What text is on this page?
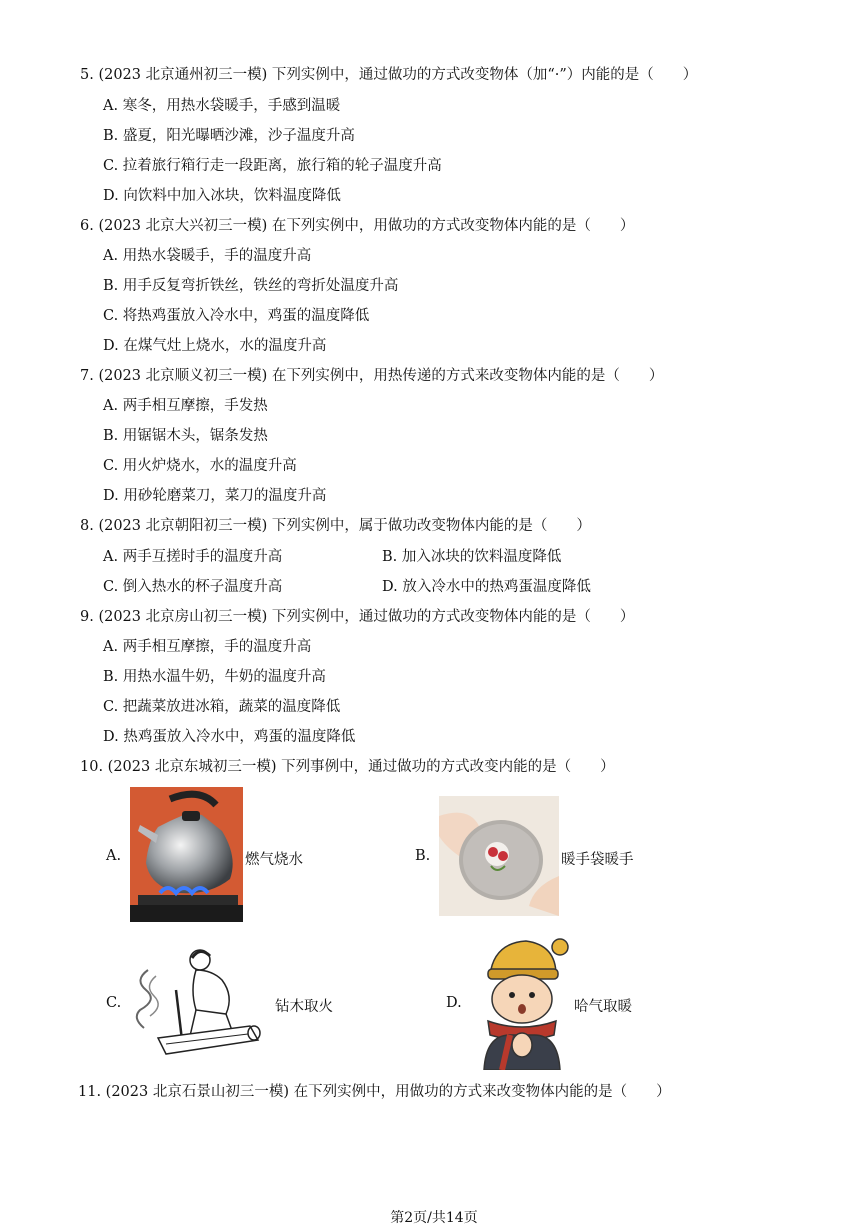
5. (2023 北京通州初三一模) 下列实例中，通过做功的方式改变物体（加“·”）内能的是（　　）
A. 寒冬，用热水袋暖手，手感到温暖
B. 盛夏，阳光曝晒沙滩，沙子温度升高
C. 拉着旅行箱行走一段距离，旅行箱的轮子温度升高
D. 向饮料中加入冰块，饮料温度降低
6. (2023 北京大兴初三一模) 在下列实例中，用做功的方式改变物体内能的是（　　）
A. 用热水袋暖手，手的温度升高
B. 用手反复弯折铁丝，铁丝的弯折处温度升高
C. 将热鸡蛋放入冷水中，鸡蛋的温度降低
D. 在煤气灶上烧水，水的温度升高
7. (2023 北京顺义初三一模) 在下列实例中，用热传递的方式来改变物体内能的是（　　）
A. 两手相互摩擦，手发热
B. 用锯锯木头，锯条发热
C. 用火炉烧水，水的温度升高
D. 用砂轮磨菜刀，菜刀的温度升高
8. (2023 北京朝阳初三一模) 下列实例中，属于做功改变物体内能的是（　　）
A. 两手互搓时手的温度升高	B. 加入冰块的饮料温度降低
C. 倒入热水的杯子温度升高	D. 放入冷水中的热鸡蛋温度降低
9. (2023 北京房山初三一模) 下列实例中，通过做功的方式改变物体内能的是（　　）
A. 两手相互摩擦，手的温度升高
B. 用热水温牛奶，牛奶的温度升高
C. 把蔬菜放进冰箱，蔬菜的温度降低
D. 热鸡蛋放入冷水中，鸡蛋的温度降低
10. (2023 北京东城初三一模) 下列事例中，通过做功的方式改变内能的是（　　）
A.	燃气烧水	B.	暖手袋暖手
C.	钻木取火	D.	哈气取暖
11. (2023 北京石景山初三一模) 在下列实例中，用做功的方式来改变物体内能的是（　　）
第2页/共14页
